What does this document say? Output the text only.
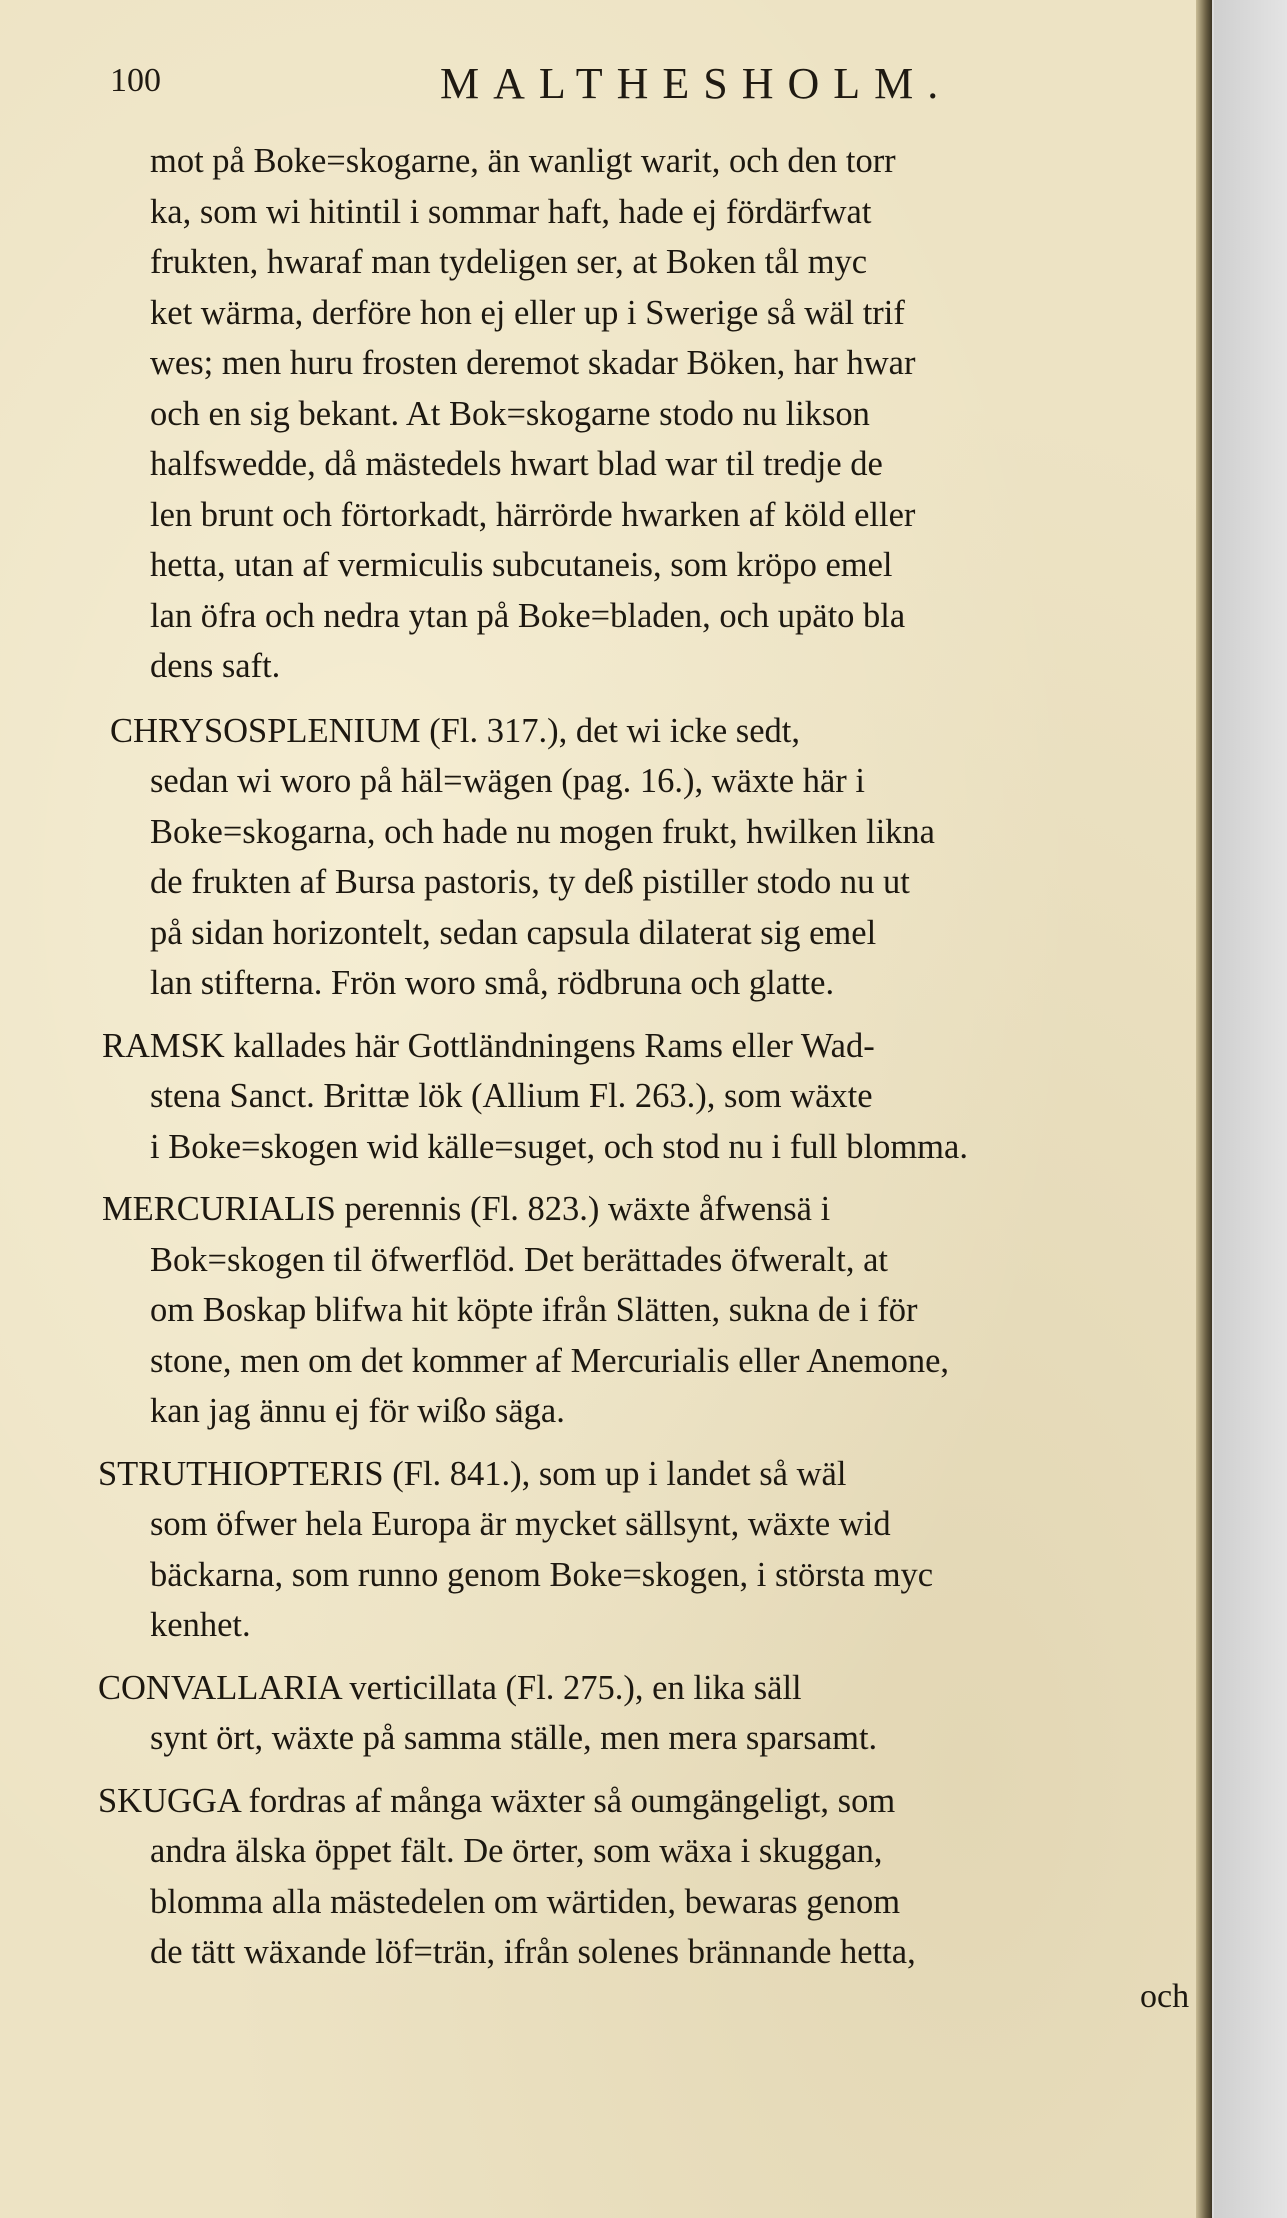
100	MALTHESHOLM.
mot på Boke=skogarne, än wanligt warit, och den torr
ka, som wi hitintil i sommar haft, hade ej fördärfwat
frukten, hwaraf man tydeligen ser, at Boken tål myc
ket wärma, derföre hon ej eller up i Swerige så wäl trif
wes; men huru frosten deremot skadar Böken, har hwar
och en sig bekant. At Bok=skogarne stodo nu likson
halfswedde, då mästedels hwart blad war til tredje de
len brunt och förtorkadt, härrörde hwarken af köld eller
hetta, utan af vermiculis subcutaneis, som kröpo emel
lan öfra och nedra ytan på Boke=bladen, och upäto bla
dens saft.
CHRYSOSPLENIUM (Fl. 317.), det wi icke sedt,
sedan wi woro på häl=wägen (pag. 16.), wäxte här i
Boke=skogarna, och hade nu mogen frukt, hwilken likna
de frukten af Bursa pastoris, ty deß pistiller stodo nu ut
på sidan horizontelt, sedan capsula dilaterat sig emel
lan stifterna. Frön woro små, rödbruna och glatte.
RAMSK kallades här Gottländningens Rams eller Wad-
stena Sanct. Brittæ lök (Allium Fl. 263.), som wäxte
i Boke=skogen wid källe=suget, och stod nu i full blomma.
MERCURIALIS perennis (Fl. 823.) wäxte åfwensä i
Bok=skogen til öfwerflöd. Det berättades öfweralt, at
om Boskap blifwa hit köpte ifrån Slätten, sukna de i för
stone, men om det kommer af Mercurialis eller Anemone,
kan jag ännu ej för wißo säga.
STRUTHIOPTERIS (Fl. 841.), som up i landet så wäl
som öfwer hela Europa är mycket sällsynt, wäxte wid
bäckarna, som runno genom Boke=skogen, i största myc
kenhet.
CONVALLARIA verticillata (Fl. 275.), en lika säll
synt ört, wäxte på samma ställe, men mera sparsamt.
SKUGGA fordras af många wäxter så oumgängeligt, som
andra älska öppet fält. De örter, som wäxa i skuggan,
blomma alla mästedelen om wärtiden, bewaras genom
de tätt wäxande löf=trän, ifrån solenes brännande hetta,
och
